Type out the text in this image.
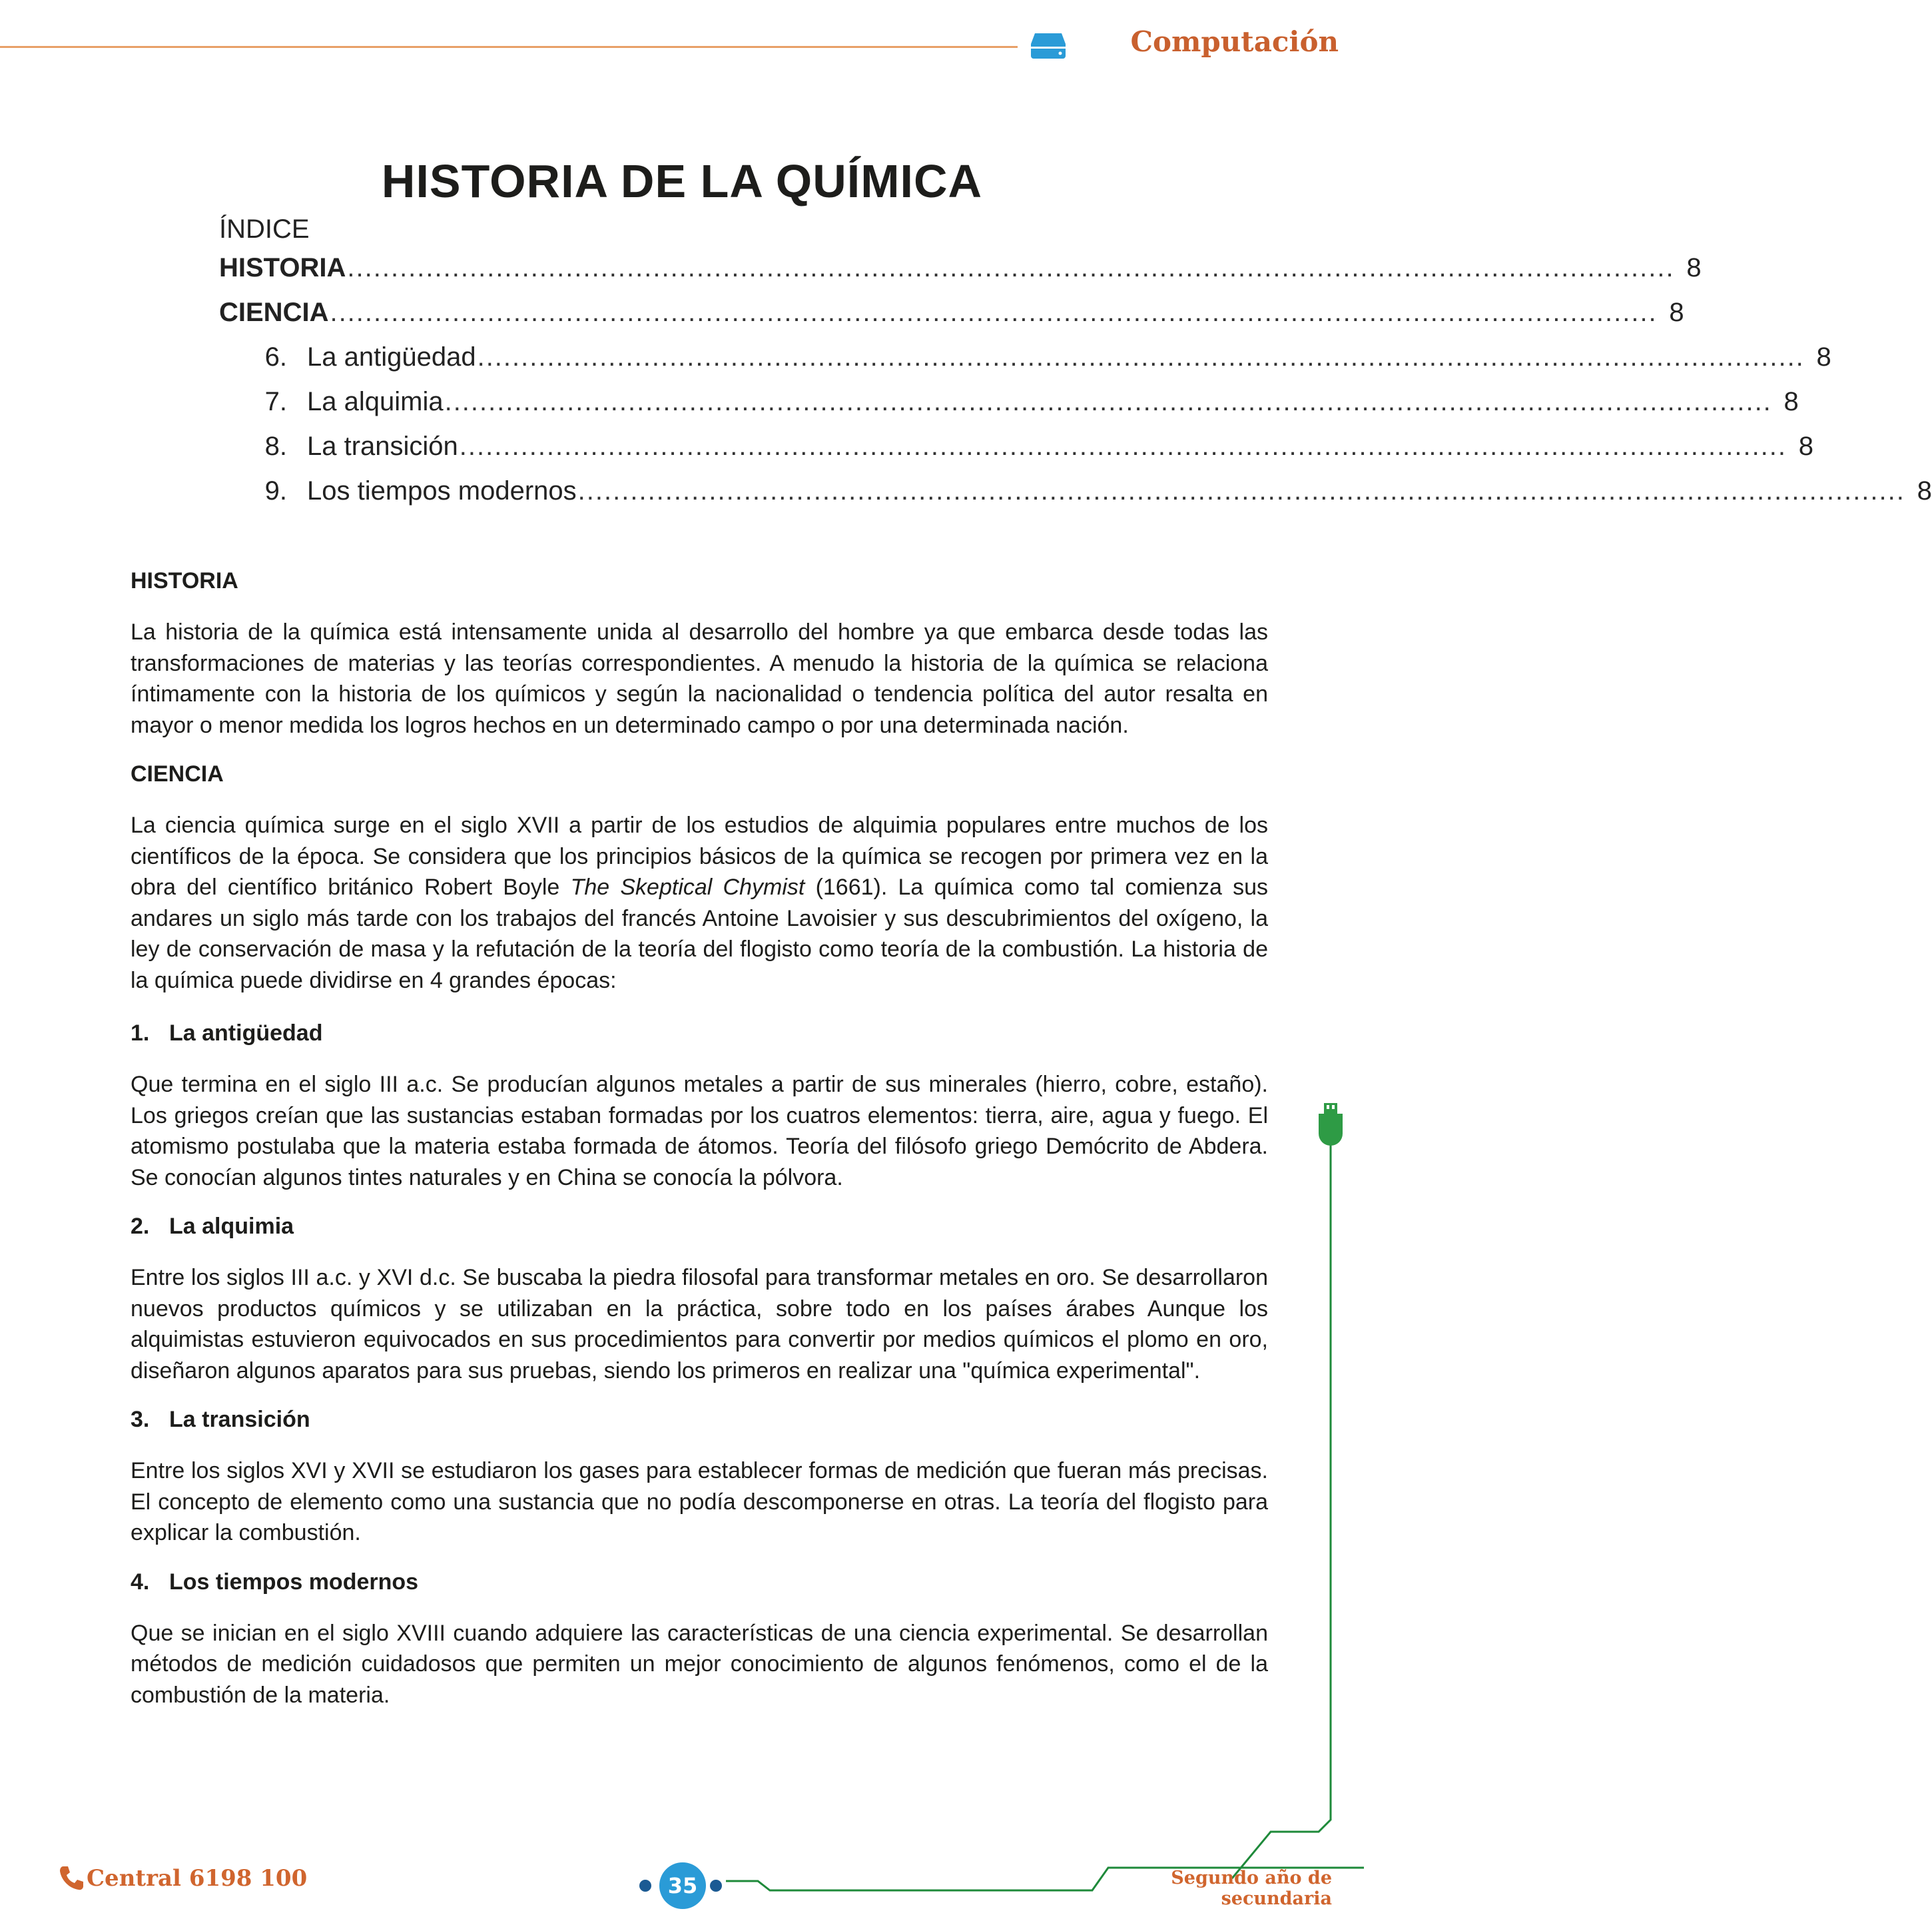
Computación
HISTORIA DE LA QUÍMICA
ÍNDICE
HISTORIA ........................................................................................................................................................ 8
CIENCIA ........................................................................................................................................................ 8
6. La antigüedad ........................................................................................................................................................ 8
7. La alquimia ........................................................................................................................................................ 8
8. La transición ........................................................................................................................................................ 8
9. Los tiempos modernos ........................................................................................................................................................ 8
HISTORIA

La historia de la química está intensamente unida al desarrollo del hombre ya que embarca desde todas las transformaciones de materias y las teorías correspondientes. A menudo la historia de la química se relaciona íntimamente con la historia de los químicos y según la nacionalidad o tendencia política del autor resalta en mayor o menor medida los logros hechos en un determinado campo o por una determinada nación.

CIENCIA

La ciencia química surge en el siglo XVII a partir de los estudios de alquimia populares entre muchos de los científicos de la época. Se considera que los principios básicos de la química se recogen por primera vez en la obra del científico británico Robert Boyle The Skeptical Chymist (1661). La química como tal comienza sus andares un siglo más tarde con los trabajos del francés Antoine Lavoisier y sus descubrimientos del oxígeno, la ley de conservación de masa y la refutación de la teoría del flogisto como teoría de la combustión. La historia de la química puede dividirse en 4 grandes épocas:

1. La antigüedad

Que termina en el siglo III a.c. Se producían algunos metales a partir de sus minerales (hierro, cobre, estaño). Los griegos creían que las sustancias estaban formadas por los cuatros elementos: tierra, aire, agua y fuego. El atomismo postulaba que la materia estaba formada de átomos. Teoría del filósofo griego Demócrito de Abdera. Se conocían algunos tintes naturales y en China se conocía la pólvora.

2. La alquimia

Entre los siglos III a.c. y XVI d.c. Se buscaba la piedra filosofal para transformar metales en oro. Se desarrollaron nuevos productos químicos y se utilizaban en la práctica, sobre todo en los países árabes Aunque los alquimistas estuvieron equivocados en sus procedimientos para convertir por medios químicos el plomo en oro, diseñaron algunos aparatos para sus pruebas, siendo los primeros en realizar una "química experimental".

3. La transición

Entre los siglos XVI y XVII se estudiaron los gases para establecer formas de medición que fueran más precisas. El concepto de elemento como una sustancia que no podía descomponerse en otras. La teoría del flogisto para explicar la combustión.

4. Los tiempos modernos

Que se inician en el siglo XVIII cuando adquiere las características de una ciencia experimental. Se desarrollan métodos de medición cuidadosos que permiten un mejor conocimiento de algunos fenómenos, como el de la combustión de la materia.

Central 6198 100	35	Segundo año de secundaria
